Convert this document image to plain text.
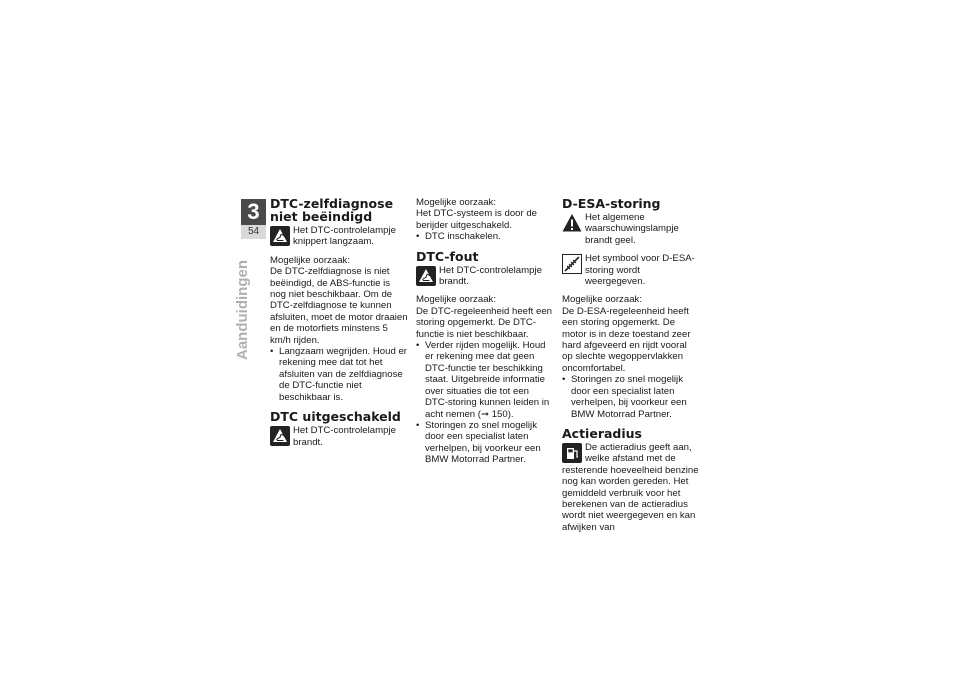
3
54
Aanduidingen
DTC-zelfdiagnose niet beëindigd
Het DTC-controlelampje knippert langzaam.

Mogelijke oorzaak:

De DTC-zelfdiagnose is niet beëindigd, de ABS-functie is nog niet beschikbaar. Om de DTC-zelfdiagnose te kunnen afsluiten, moet de motor draaien en de motorfiets minstens 5 km/h rijden.

• Langzaam wegrijden. Houd er rekening mee dat tot het afsluiten van de zelfdiagnose de DTC-functie niet beschikbaar is.
DTC uitgeschakeld
Het DTC-controlelampje brandt.

Mogelijke oorzaak:

Het DTC-systeem is door de berijder uitgeschakeld.

• DTC inschakelen.
DTC-fout
Het DTC-controlelampje brandt.

Mogelijke oorzaak:

De DTC-regeleenheid heeft een storing opgemerkt. De DTC-functie is niet beschikbaar.

• Verder rijden mogelijk. Houd er rekening mee dat geen DTC-functie ter beschikking staat. Uitgebreide informatie over situaties die tot een DTC-storing kunnen leiden in acht nemen (➞ 150).
• Storingen zo snel mogelijk door een specialist laten verhelpen, bij voorkeur een BMW Motorrad Partner.
D-ESA-storing
Het algemene waarschuwingslampje brandt geel.
Het symbool voor D-ESA-storing wordt weergegeven.

Mogelijke oorzaak:

De D-ESA-regeleenheid heeft een storing opgemerkt. De motor is in deze toestand zeer hard afgeveerd en rijdt vooral op slechte wegoppervlakken oncomfortabel.

• Storingen zo snel mogelijk door een specialist laten verhelpen, bij voorkeur een BMW Motorrad Partner.
Actieradius
De actieradius geeft aan, welke afstand met de resterende hoeveelheid benzine nog kan worden gereden. Het gemiddeld verbruik voor het berekenen van de actieradius wordt niet weergegeven en kan afwijken van
